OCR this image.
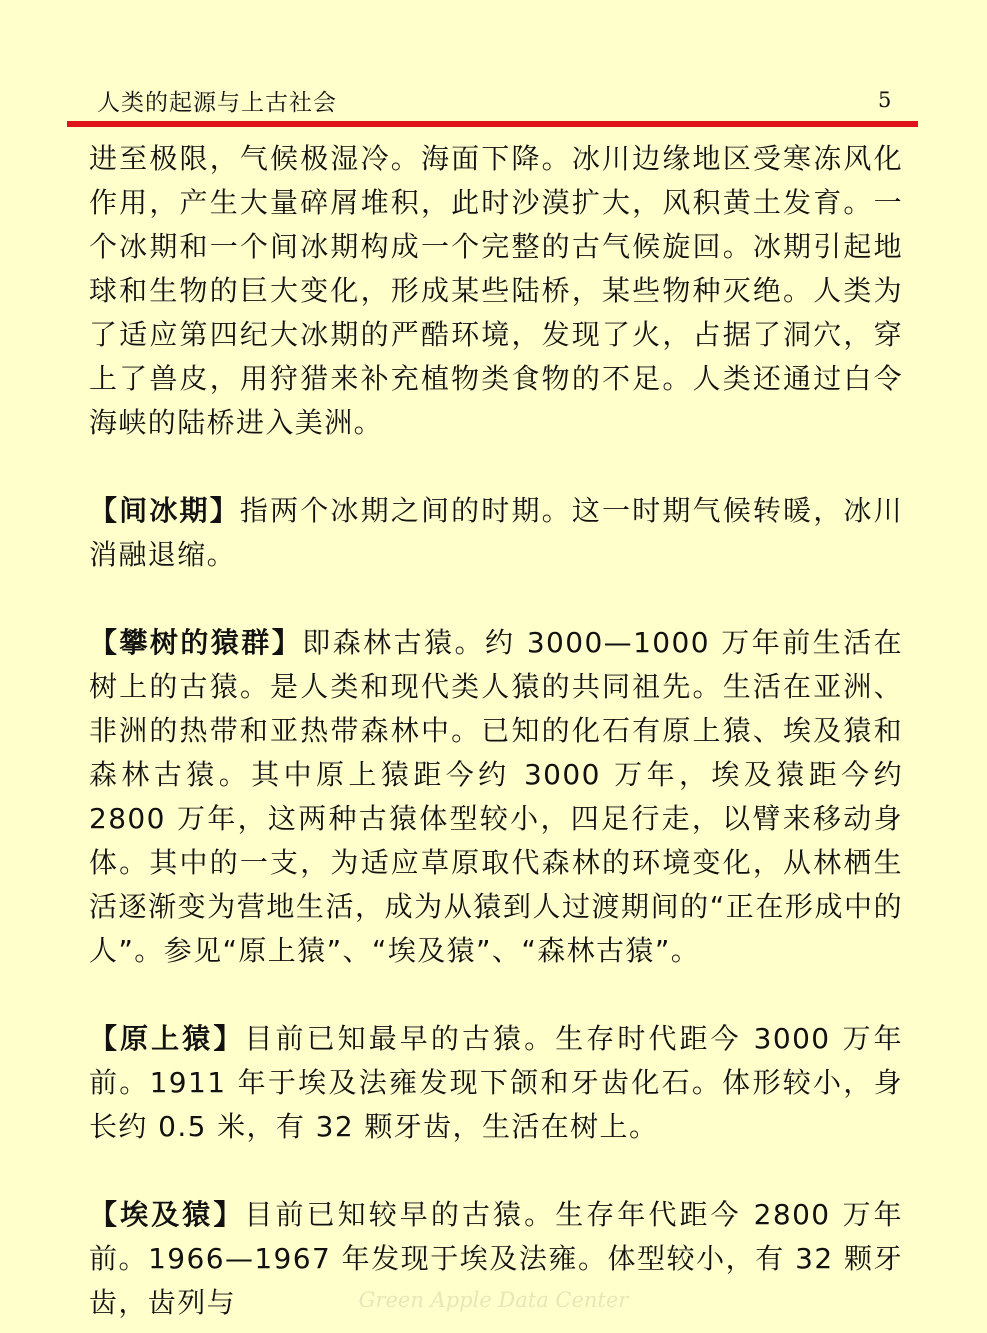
人类的起源与上古社会	5

进至极限，气候极湿冷。海面下降。冰川边缘地区受寒冻风化作用，产生大量碎屑堆积，此时沙漠扩大，风积黄土发育。一个冰期和一个间冰期构成一个完整的古气候旋回。冰期引起地球和生物的巨大变化，形成某些陆桥，某些物种灭绝。人类为了适应第四纪大冰期的严酷环境，发现了火，占据了洞穴，穿上了兽皮，用狩猎来补充植物类食物的不足。人类还通过白令海峡的陆桥进入美洲。

【间冰期】指两个冰期之间的时期。这一时期气候转暖，冰川消融退缩。

【攀树的猿群】即森林古猿。约 3000—1000 万年前生活在树上的古猿。是人类和现代类人猿的共同祖先。生活在亚洲、非洲的热带和亚热带森林中。已知的化石有原上猿、埃及猿和森林古猿。其中原上猿距今约 3000 万年，埃及猿距今约 2800 万年，这两种古猿体型较小，四足行走，以臂来移动身体。其中的一支，为适应草原取代森林的环境变化，从林栖生活逐渐变为营地生活，成为从猿到人过渡期间的“正在形成中的人”。参见“原上猿”、“埃及猿”、“森林古猿”。

【原上猿】目前已知最早的古猿。生存时代距今 3000 万年前。1911 年于埃及法雍发现下颌和牙齿化石。体形较小，身长约 0.5 米，有 32 颗牙齿，生活在树上。

【埃及猿】目前已知较早的古猿。生存年代距今 2800 万年前。1966—1967 年发现于埃及法雍。体型较小，有 32 颗牙齿，齿列与	Green Apple Data Center
